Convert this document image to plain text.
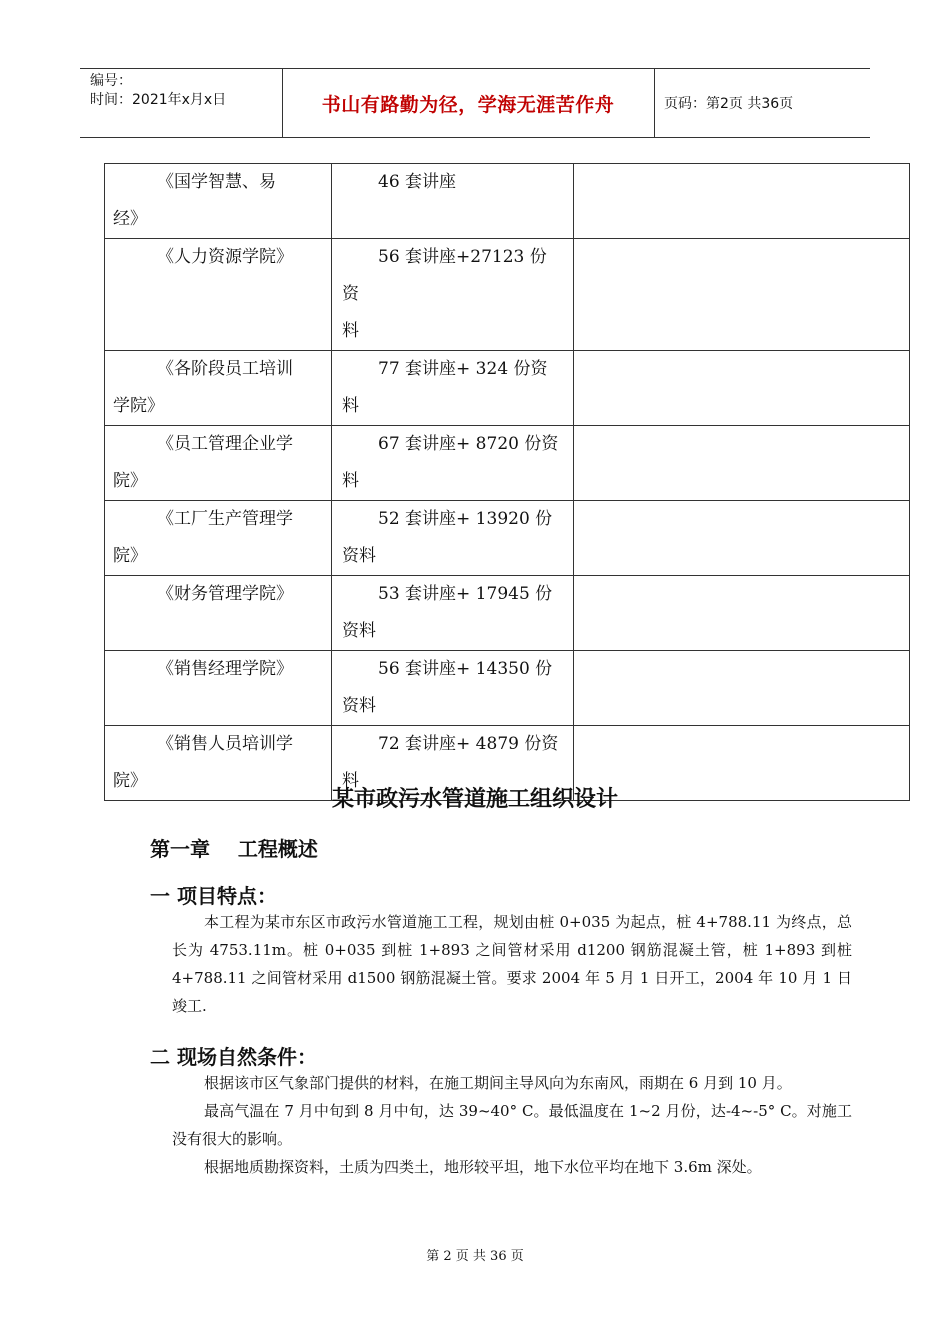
编号：
时间：2021年x月x日	书山有路勤为径，学海无涯苦作舟	页码：第2页 共36页
《国学智慧、易
经》	46 套讲座	

《人力资源学院》	56 套讲座+27123 份资
料	

《各阶段员工培训
学院》	77 套讲座+ 324 份资
料	

《员工管理企业学
院》	67 套讲座+ 8720 份资
料	

《工厂生产管理学
院》	52 套讲座+ 13920 份
资料	

《财务管理学院》	53 套讲座+ 17945 份
资料	

《销售经理学院》	56 套讲座+ 14350 份
资料	

《销售人员培训学
院》	72 套讲座+ 4879 份资
料	

某市政污水管道施工组织设计
第一章    工程概述
一 项目特点：
本工程为某市东区市政污水管道施工工程，规划由桩 0+035 为起点，桩 4+788.11 为终点，总长为 4753.11m。桩 0+035 到桩 1+893 之间管材采用 d1200 钢筋混凝土管，桩 1+893 到桩 4+788.11 之间管材采用 d1500 钢筋混凝土管。要求 2004 年 5 月 1 日开工，2004 年 10 月 1 日竣工.
二 现场自然条件：
根据该市区气象部门提供的材料，在施工期间主导风向为东南风，雨期在 6 月到 10 月。
最高气温在 7 月中旬到 8 月中旬，达 39~40° C。最低温度在 1~2 月份，达-4~-5° C。对施工没有很大的影响。
根据地质勘探资料，土质为四类土，地形较平坦，地下水位平均在地下 3.6m 深处。
第 2 页 共 36 页
